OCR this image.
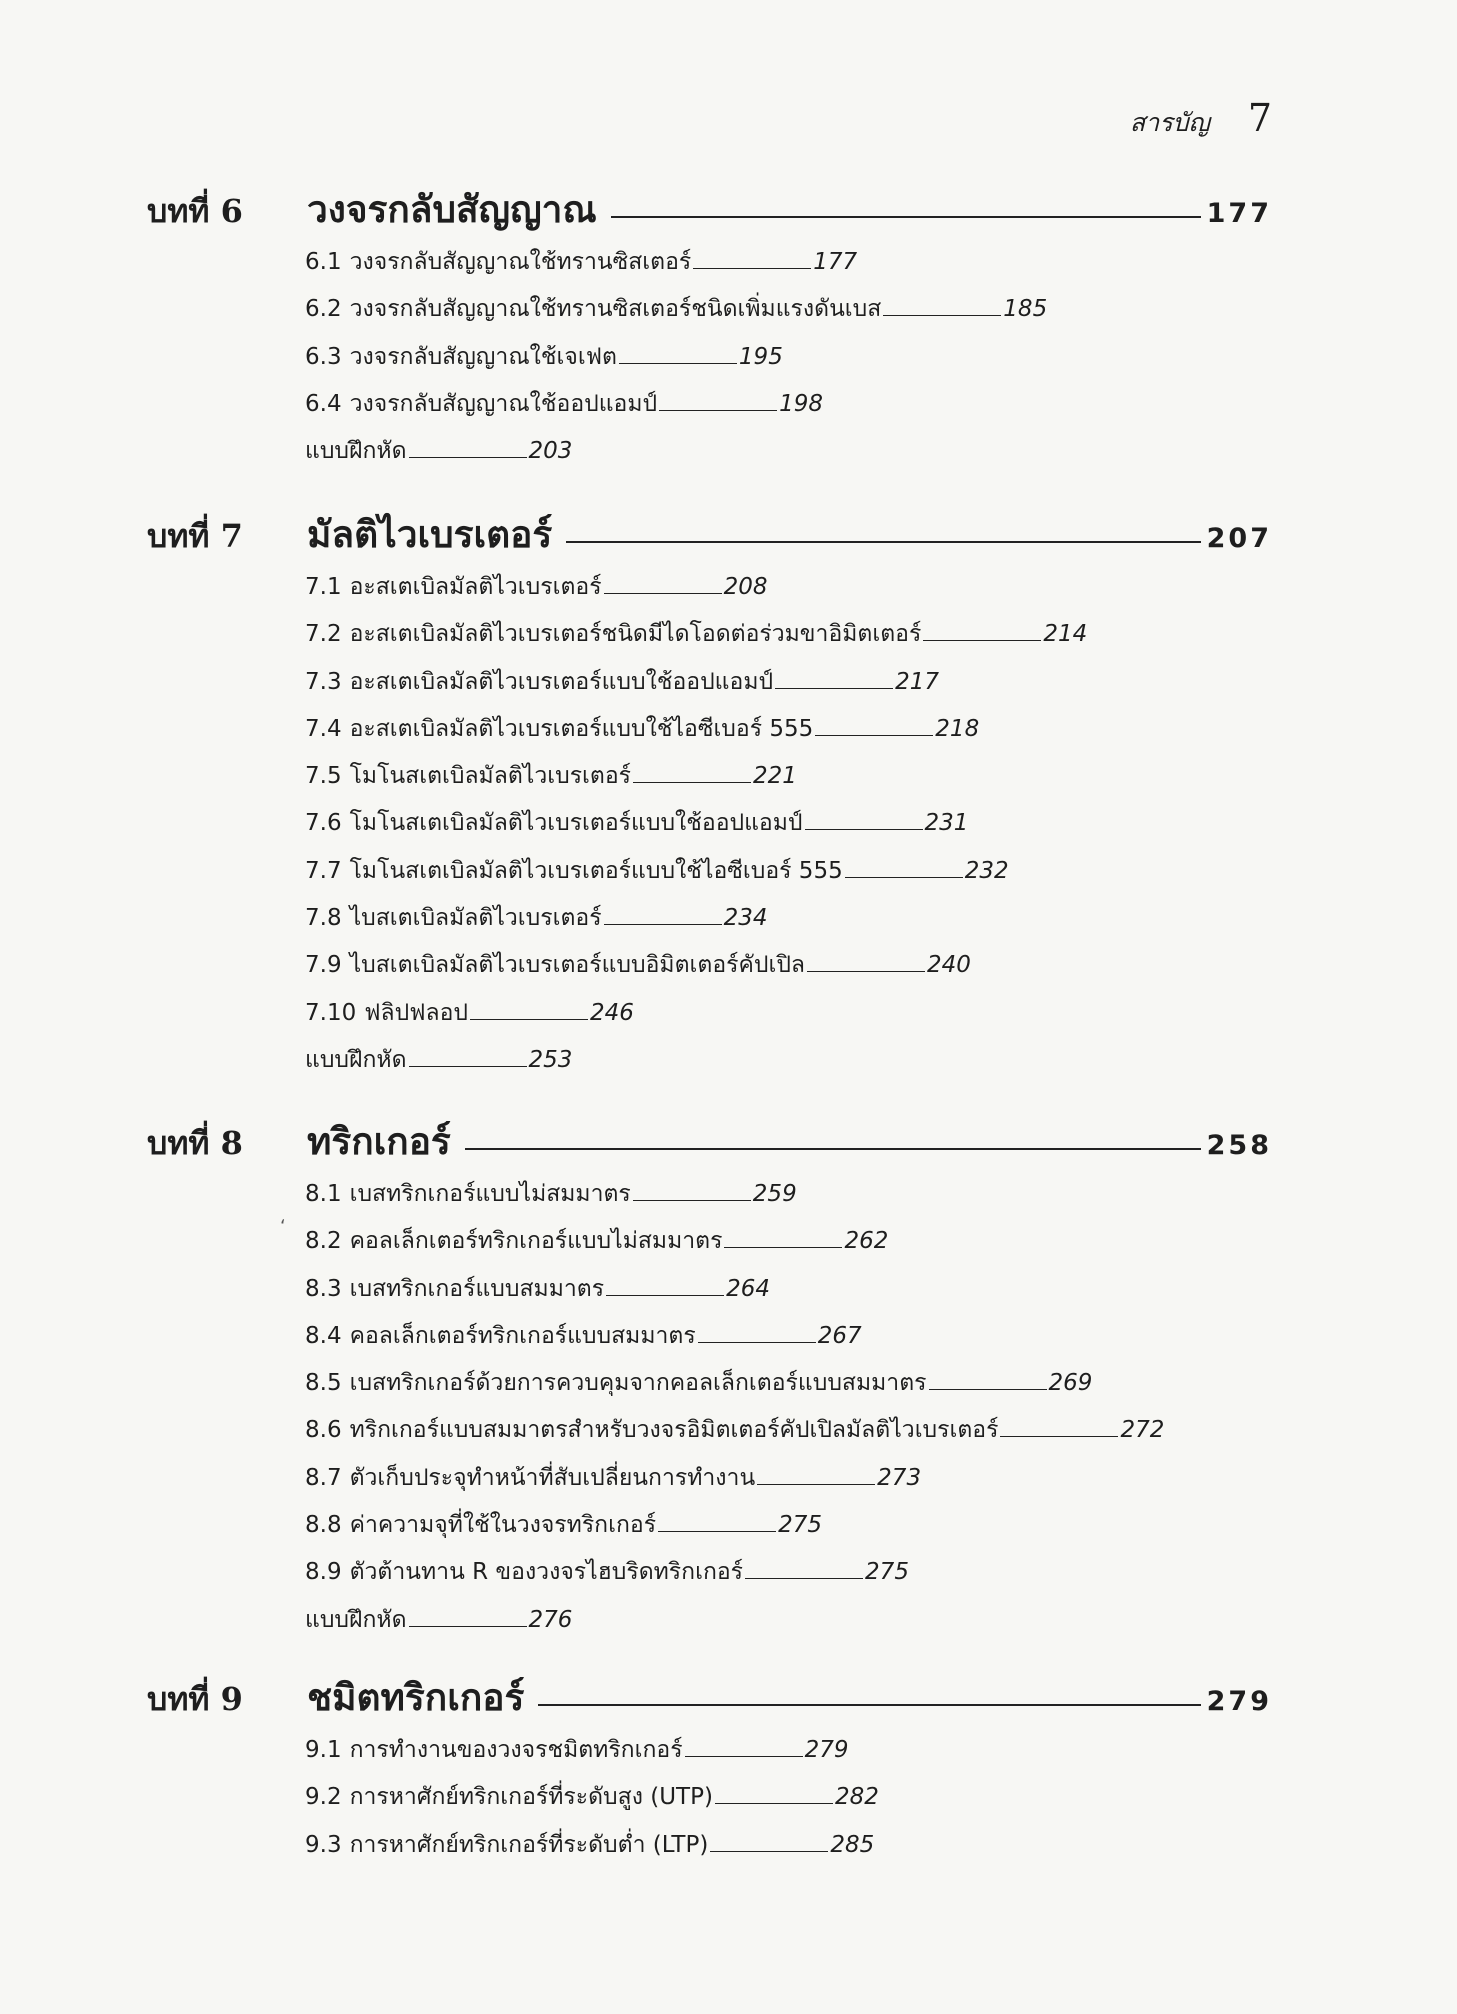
สารบัญ 7
บทที่ 6	วงจรกลับสัญญาณ	177
6.1 วงจรกลับสัญญาณใช้ทรานซิสเตอร์	177
6.2 วงจรกลับสัญญาณใช้ทรานซิสเตอร์ชนิดเพิ่มแรงดันเบส	185
6.3 วงจรกลับสัญญาณใช้เจเฟต	195
6.4 วงจรกลับสัญญาณใช้ออปแอมป์	198
แบบฝึกหัด	203
บทที่ 7	มัลติไวเบรเตอร์	207
7.1 อะสเตเบิลมัลติไวเบรเตอร์	208
7.2 อะสเตเบิลมัลติไวเบรเตอร์ชนิดมีไดโอดต่อร่วมขาอิมิตเตอร์	214
7.3 อะสเตเบิลมัลติไวเบรเตอร์แบบใช้ออปแอมป์	217
7.4 อะสเตเบิลมัลติไวเบรเตอร์แบบใช้ไอซีเบอร์ 555	218
7.5 โมโนสเตเบิลมัลติไวเบรเตอร์	221
7.6 โมโนสเตเบิลมัลติไวเบรเตอร์แบบใช้ออปแอมป์	231
7.7 โมโนสเตเบิลมัลติไวเบรเตอร์แบบใช้ไอซีเบอร์ 555	232
7.8 ไบสเตเบิลมัลติไวเบรเตอร์	234
7.9 ไบสเตเบิลมัลติไวเบรเตอร์แบบอิมิตเตอร์คัปเปิล	240
7.10 ฟลิปฟลอป	246
แบบฝึกหัด	253
บทที่ 8	ทริกเกอร์	258
8.1 เบสทริกเกอร์แบบไม่สมมาตร	259
8.2 คอลเล็กเตอร์ทริกเกอร์แบบไม่สมมาตร	262
8.3 เบสทริกเกอร์แบบสมมาตร	264
8.4 คอลเล็กเตอร์ทริกเกอร์แบบสมมาตร	267
8.5 เบสทริกเกอร์ด้วยการควบคุมจากคอลเล็กเตอร์แบบสมมาตร	269
8.6 ทริกเกอร์แบบสมมาตรสำหรับวงจรอิมิตเตอร์คัปเปิลมัลติไวเบรเตอร์	272
8.7 ตัวเก็บประจุทำหน้าที่สับเปลี่ยนการทำงาน	273
8.8 ค่าความจุที่ใช้ในวงจรทริกเกอร์	275
8.9 ตัวต้านทาน R ของวงจรไฮบริดทริกเกอร์	275
แบบฝึกหัด	276
บทที่ 9	ชมิตทริกเกอร์	279
9.1 การทำงานของวงจรชมิตทริกเกอร์	279
9.2 การหาศักย์ทริกเกอร์ที่ระดับสูง (UTP)	282
9.3 การหาศักย์ทริกเกอร์ที่ระดับต่ำ (LTP)	285
ʻ
